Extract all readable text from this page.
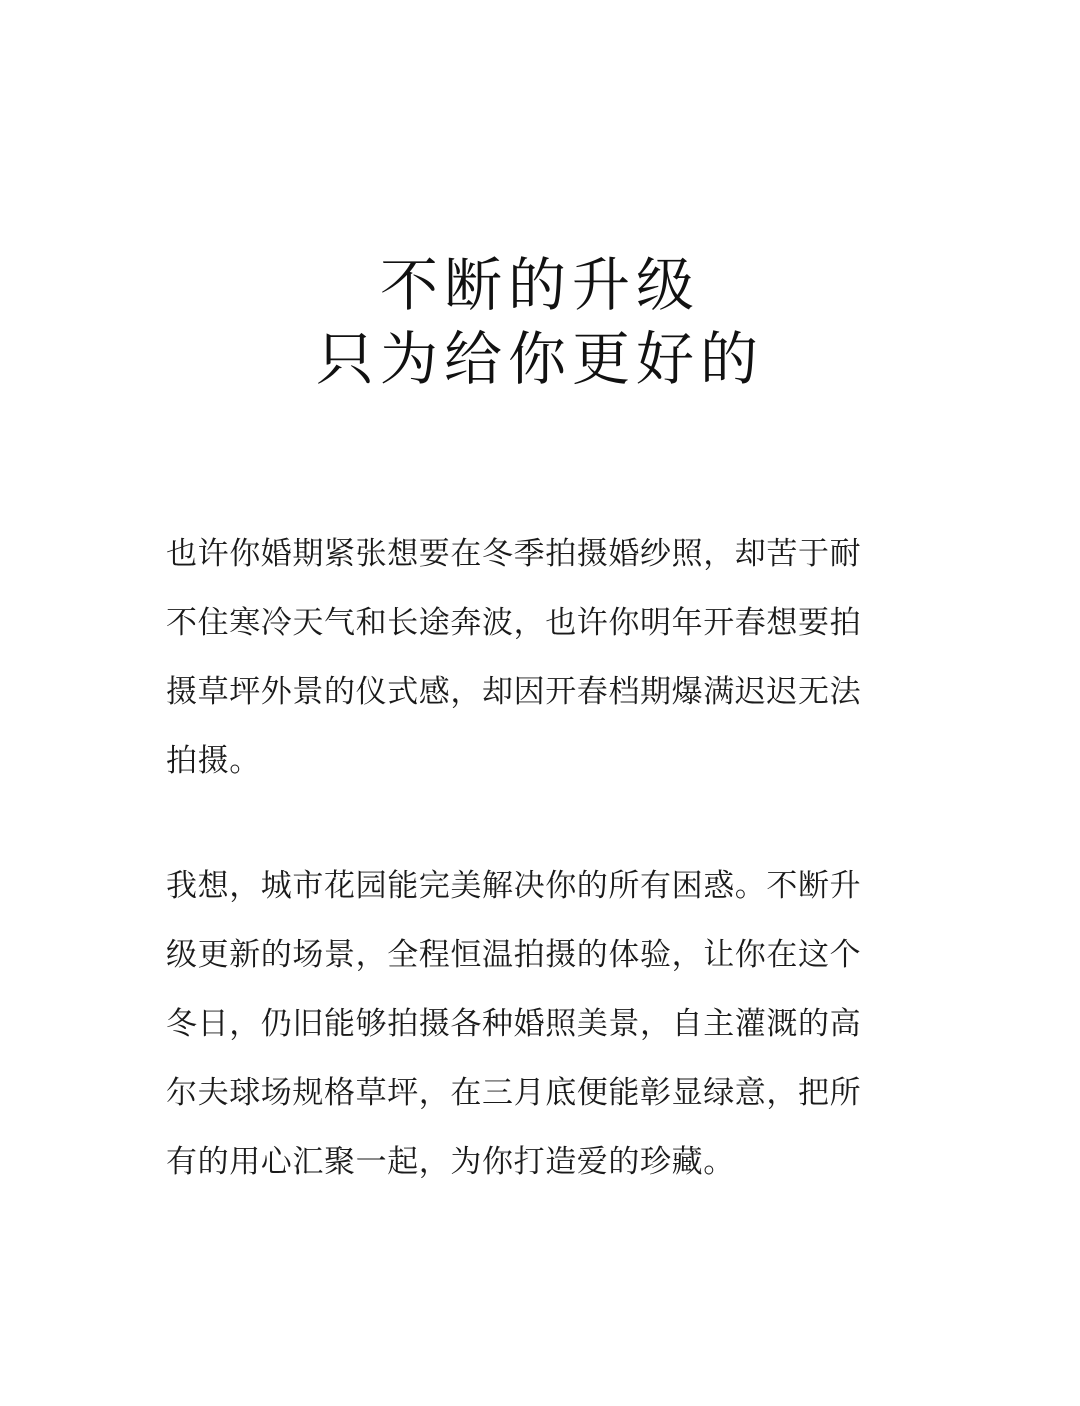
不断的升级
只为给你更好的
也许你婚期紧张想要在冬季拍摄婚纱照，却苦于耐
不住寒冷天气和长途奔波，也许你明年开春想要拍
摄草坪外景的仪式感，却因开春档期爆满迟迟无法
拍摄。
我想，城市花园能完美解决你的所有困惑。不断升
级更新的场景，全程恒温拍摄的体验，让你在这个
冬日，仍旧能够拍摄各种婚照美景，自主灌溉的高
尔夫球场规格草坪，在三月底便能彰显绿意，把所
有的用心汇聚一起，为你打造爱的珍藏。
